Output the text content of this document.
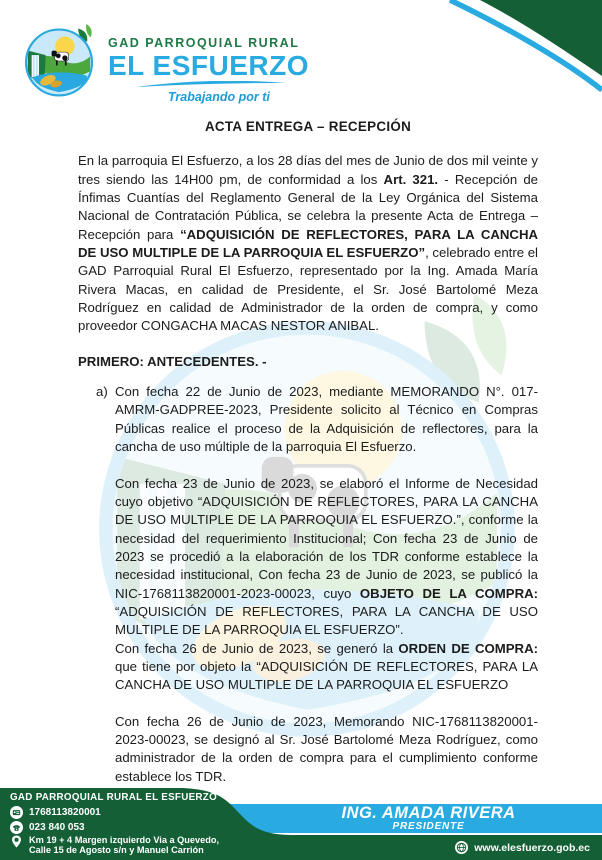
GAD PARROQUIAL RURAL
EL ESFUERZO
Trabajando por ti
ACTA ENTREGA – RECEPCIÓN

En la parroquia El Esfuerzo, a los 28 días del mes de Junio de dos mil veinte y tres siendo las 14H00 pm, de conformidad a los Art. 321. - Recepción de Ínfimas Cuantías del Reglamento General de la Ley Orgánica del Sistema Nacional de Contratación Pública, se celebra la presente Acta de Entrega – Recepción para “ADQUISICIÓN DE REFLECTORES, PARA LA CANCHA DE USO MULTIPLE DE LA PARROQUIA EL ESFUERZO”, celebrado entre el GAD Parroquial Rural El Esfuerzo, representado por la Ing. Amada María Rivera Macas, en calidad de Presidente, el Sr. José Bartolomé Meza Rodríguez en calidad de Administrador de la orden de compra, y como proveedor CONGACHA MACAS NESTOR ANIBAL.

PRIMERO: ANTECEDENTES. -
a) Con fecha 22 de Junio de 2023, mediante MEMORANDO N°. 017-AMRM-GADPREE-2023, Presidente solicito al Técnico en Compras Públicas realice el proceso de la Adquisición de reflectores, para la cancha de uso múltiple de la parroquia El Esfuerzo.

Con fecha 23 de Junio de 2023, se elaboró el Informe de Necesidad cuyo objetivo “ADQUISICIÓN DE REFLECTORES, PARA LA CANCHA DE USO MULTIPLE DE LA PARROQUIA EL ESFUERZO.”, conforme la necesidad del requerimiento Institucional; Con fecha 23 de Junio de 2023 se procedió a la elaboración de los TDR conforme establece la necesidad institucional, Con fecha 23 de Junio de 2023, se publicó la NIC-1768113820001-2023-00023, cuyo OBJETO DE LA COMPRA: “ADQUISICIÓN DE REFLECTORES, PARA LA CANCHA DE USO MULTIPLE DE LA PARROQUIA EL ESFUERZO”.

Con fecha 26 de Junio de 2023, se generó la ORDEN DE COMPRA: que tiene por objeto la “ADQUISICIÓN DE REFLECTORES, PARA LA CANCHA DE USO MULTIPLE DE LA PARROQUIA EL ESFUERZO

Con fecha 26 de Junio de 2023, Memorando NIC-1768113820001-2023-00023, se designó al Sr. José Bartolomé Meza Rodríguez, como administrador de la orden de compra para el cumplimiento conforme establece los TDR.

GAD PARROQUIAL RURAL EL ESFUERZO
1768113820001
023 840 053
Km 19 + 4 Margen izquierdo Via a Quevedo,
Calle 15 de Agosto s/n y Manuel Carrión
ING. AMADA RIVERA
PRESIDENTE
www.elesfuerzo.gob.ec
